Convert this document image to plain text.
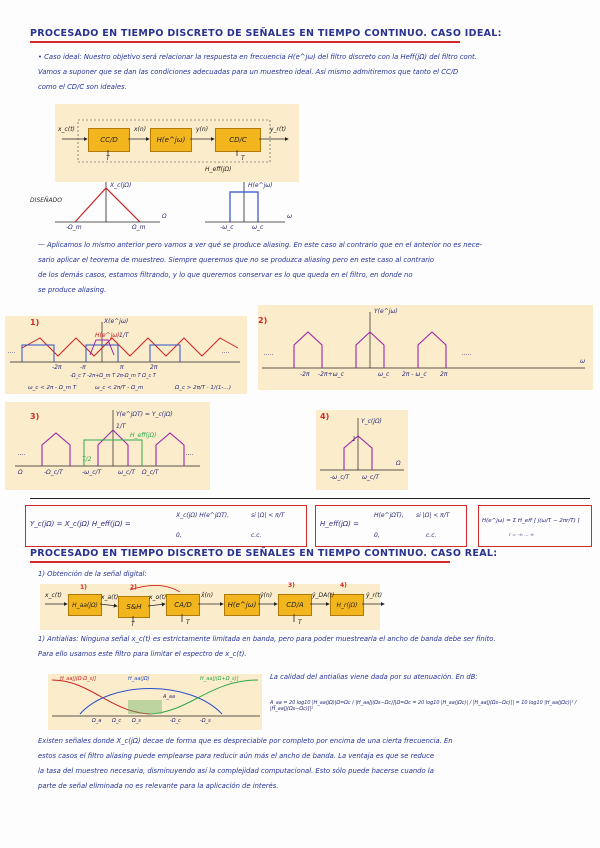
PROCESADO EN TIEMPO DISCRETO DE SEÑALES EN TIEMPO CONTINUO. CASO IDEAL:
• Caso ideal: Nuestro objetivo será relacionar la respuesta en frecuencia H(e^jω) del filtro discreto con la Heff(jΩ) del filtro cont.
Vamos a suponer que se dan las condiciones adecuadas para un muestreo ideal. Así mismo admitiremos que tanto el CC/D
como el CD/C son ideales.
CC/D	H(e^jω)	CD/C
x_c(t)	x(n)	y(n)	y_r(t)
T	T
H_eff(jΩ)
DISEÑADO
X_c(jΩ)
-Ω_m	Ω_m
Ω
H(e^jω)
-ω_c	ω_c
ω
— Aplicamos lo mismo anterior pero vamos a ver qué se produce aliasing. En este caso al contrario que en el anterior no es nece-
sario aplicar el teorema de muestreo. Siempre queremos que no se produzca aliasing pero en este caso al contrario
de los demás casos, estamos filtrando, y lo que queremos conservar es lo que queda en el filtro, en donde no
se produce aliasing.
1)	X(e^jω)
H(e^jω) 1/T
....	....
-2π	-π	π	2π
-Ω_c T -2π+Ω_m T 2π-Ω_m T Ω_c T
ω_c < 2π - Ω_m T	ω_c < 2π/T - Ω_m	Ω_c > 2π/T · 1/(1-…)
2)
Y(e^jω)
.....	.....
-2π -2π+ω_c	ω_c 2π - ω_c 2π
ω
3)	Y(e^jΩT) = Y_c(jΩ)
1/T
H_eff(jΩ)
T/2
....	....
-Ω_c/T	-ω_c/T	ω_c/T Ω_c/T
Ω
4)
Y_c(jΩ)
1
-ω_c/T ω_c/T
Ω
Y_c(jΩ) = X_c(jΩ) H_eff(jΩ) =
X_c(jΩ) H(e^jΩT),	si |Ω| < π/T
0,	c.c.
H_eff(jΩ) =
H(e^jΩT), si |Ω| < π/T
0,	c.c.
H(e^jω) = Σ H_eff [ j(ω/T − 2πr/T) ]
r = -∞ … ∞
PROCESADO EN TIEMPO DISCRETO DE SEÑALES EN TIEMPO CONTINUO. CASO REAL:
1) Obtención de la señal digital:
H_aa(jΩ)	S&H	CA/D	H(e^jω)	CD/A	H_r(jΩ)
1)	2)	3)	4)
x_c(t)	x_a(t)	x_o(t)	x̂(n)	ŷ(n)	ŷ_DA(t)	ŷ_r(t)
T	T	T
1) Antialias: Ninguna señal x_c(t) es estrictamente limitada en banda, pero para poder muestrearla el ancho de banda debe ser finito.
Para ello usamos este filtro para limitar el espectro de x_c(t).
H_aa[j(Ω-Ω_s)]	H_aa(jΩ)	H_aa[j(Ω+Ω_s)]
A_aa
Ω_a Ω_c Ω_s	-Ω_c	-Ω_s
La calidad del antialias viene dada por su atenuación. En dB:
A_aa = 20 log10 |H_aa(jΩ)|Ω=Ωc / |H_aa[j(Ωs−Ωc)]|Ω=Ωc = 20 log10 |H_aa(jΩc)| / |H_aa[j(Ωs−Ωc)]| = 10 log10 |H_aa(jΩc)|² / |H_aa[j(Ωs−Ωc)]|²
Existen señales donde X_c(jΩ) decae de forma que es despreciable por completo por encima de una cierta frecuencia. En
estos casos el filtro aliasing puede emplearse para reducir aún más el ancho de banda. La ventaja es que se reduce
la tasa del muestreo necesaria, disminuyendo así la complejidad computacional. Esto sólo puede hacerse cuando la
parte de señal eliminada no es relevante para la aplicación de interés.
